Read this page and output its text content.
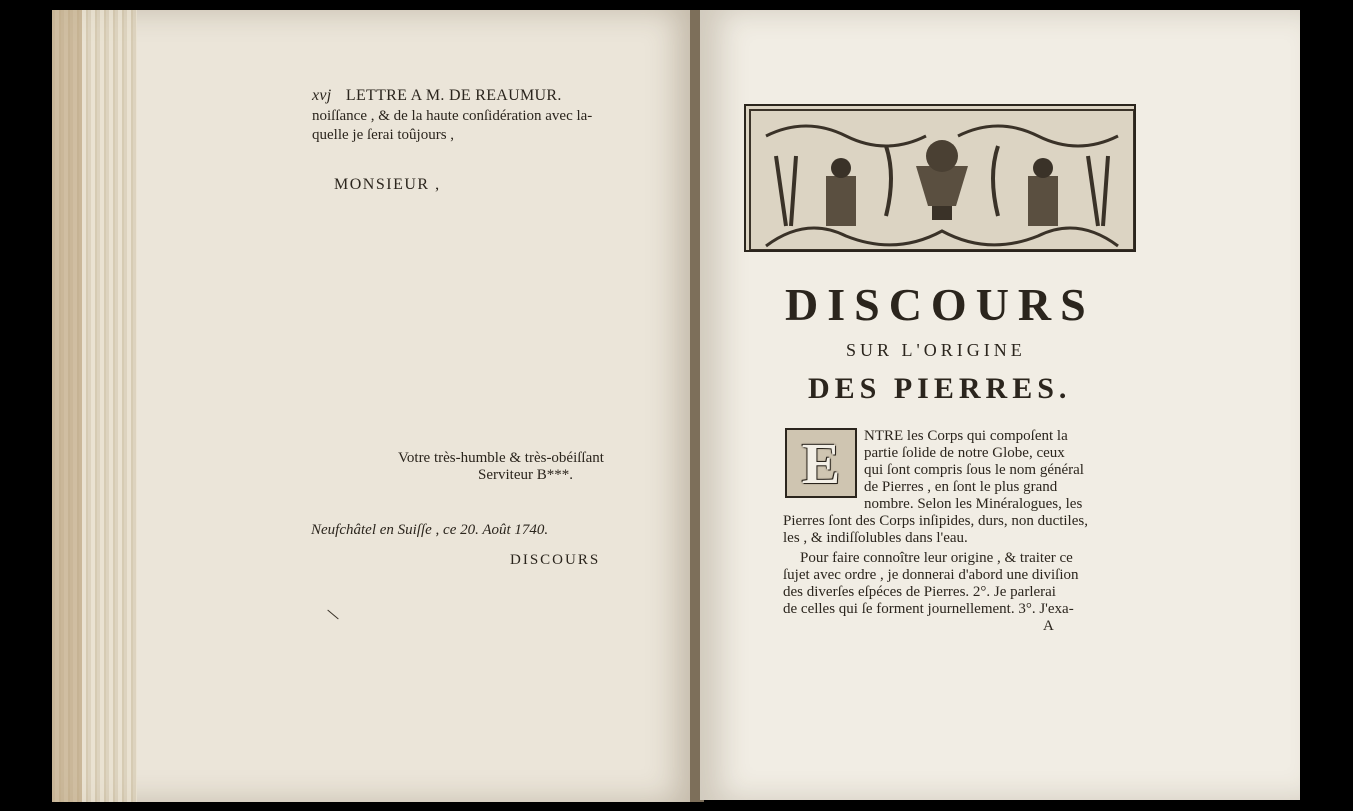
xvj LETTRE A M. DE REAUMUR.
noiſſance , & de la haute conſidération avec la-
quelle je ſerai toûjours ,
MONSIEUR ,
Votre très-humble & très-obéiſſant
Serviteur B***.
Neufchâtel en Suiſſe , ce 20. Août 1740.
DISCOURS
DISCOURS
SUR L'ORIGINE
DES PIERRES.
E	NTRE les Corps qui compoſent la
partie ſolide de notre Globe, ceux
qui ſont compris ſous le nom général
de Pierres , en ſont le plus grand
nombre. Selon les Minéralogues, les
Pierres ſont des Corps inſipides, durs, non ductiles,
les , & indiſſolubles dans l'eau.
Pour faire connoître leur origine , & traiter ce
ſujet avec ordre , je donnerai d'abord une diviſion
des diverſes eſpéces de Pierres. 2°. Je parlerai
de celles qui ſe forment journellement. 3°. J'exa-
A
